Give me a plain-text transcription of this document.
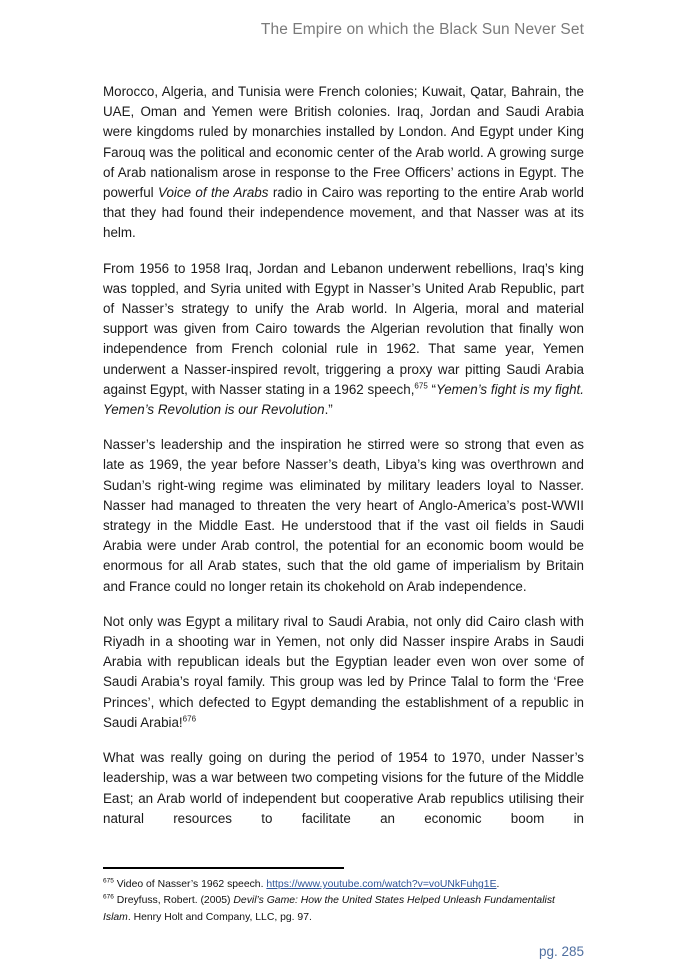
The Empire on which the Black Sun Never Set

Morocco, Algeria, and Tunisia were French colonies; Kuwait, Qatar, Bahrain, the UAE, Oman and Yemen were British colonies. Iraq, Jordan and Saudi Arabia were kingdoms ruled by monarchies installed by London. And Egypt under King Farouq was the political and economic center of the Arab world. A growing surge of Arab nationalism arose in response to the Free Officers’ actions in Egypt. The powerful Voice of the Arabs radio in Cairo was reporting to the entire Arab world that they had found their independence movement, and that Nasser was at its helm.

From 1956 to 1958 Iraq, Jordan and Lebanon underwent rebellions, Iraq’s king was toppled, and Syria united with Egypt in Nasser’s United Arab Republic, part of Nasser’s strategy to unify the Arab world. In Algeria, moral and material support was given from Cairo towards the Algerian revolution that finally won independence from French colonial rule in 1962. That same year, Yemen underwent a Nasser-inspired revolt, triggering a proxy war pitting Saudi Arabia against Egypt, with Nasser stating in a 1962 speech,$^{675}$ “Yemen’s fight is my fight. Yemen’s Revolution is our Revolution.”

Nasser’s leadership and the inspiration he stirred were so strong that even as late as 1969, the year before Nasser’s death, Libya’s king was overthrown and Sudan’s right-wing regime was eliminated by military leaders loyal to Nasser. Nasser had managed to threaten the very heart of Anglo-America’s post-WWII strategy in the Middle East. He understood that if the vast oil fields in Saudi Arabia were under Arab control, the potential for an economic boom would be enormous for all Arab states, such that the old game of imperialism by Britain and France could no longer retain its chokehold on Arab independence.

Not only was Egypt a military rival to Saudi Arabia, not only did Cairo clash with Riyadh in a shooting war in Yemen, not only did Nasser inspire Arabs in Saudi Arabia with republican ideals but the Egyptian leader even won over some of Saudi Arabia’s royal family. This group was led by Prince Talal to form the ‘Free Princes’, which defected to Egypt demanding the establishment of a republic in Saudi Arabia!$^{676}$

What was really going on during the period of 1954 to 1970, under Nasser’s leadership, was a war between two competing visions for the future of the Middle East; an Arab world of independent but cooperative Arab republics utilising their natural resources to facilitate an economic boom in

$^{675}$ Video of Nasser’s 1962 speech. https://www.youtube.com/watch?v=voUNkFuhg1E.

$^{676}$ Dreyfuss, Robert. (2005) Devil’s Game: How the United States Helped Unleash Fundamentalist Islam. Henry Holt and Company, LLC, pg. 97.

pg. 285
